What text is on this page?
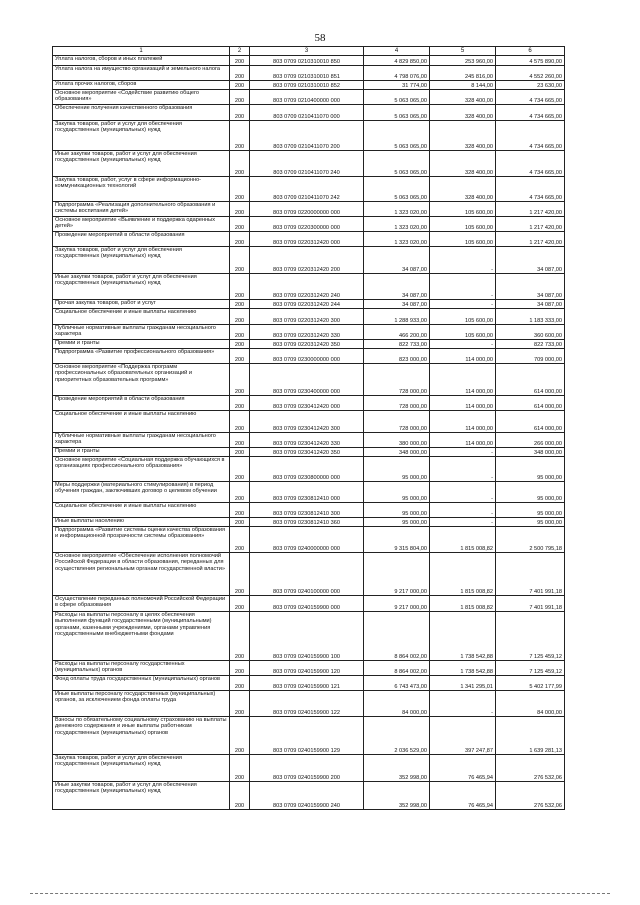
58
1	2	3	4	5	6
Уплата налогов, сборов и иных платежей	200	803 0709 0210310010 850	4 829 850,00	253 960,00	4 575 890,00
Уплата налога на имущество организаций и земельного налога	200	803 0709 0210310010 851	4 798 076,00	245 816,00	4 552 260,00
Уплата прочих налогов, сборов	200	803 0709 0210310010 852	31 774,00	8 144,00	23 630,00
Основное мероприятие «Содействие развитию общего образования»	200	803 0709 0210400000 000	5 063 065,00	328 400,00	4 734 665,00
Обеспечение получения качественного образования	200	803 0709 0210411070 000	5 063 065,00	328 400,00	4 734 665,00
Закупка товаров, работ и услуг для обеспечения государственных (муниципальных) нужд	200	803 0709 0210411070 200	5 063 065,00	328 400,00	4 734 665,00
Иные закупки товаров, работ и услуг для обеспечения государственных (муниципальных) нужд	200	803 0709 0210411070 240	5 063 065,00	328 400,00	4 734 665,00
Закупка товаров, работ, услуг в сфере информационно-коммуникационных технологий	200	803 0709 0210411070 242	5 063 065,00	328 400,00	4 734 665,00
Подпрограмма «Реализация дополнительного образования и системы воспитания детей»	200	803 0709 0220000000 000	1 323 020,00	105 600,00	1 217 420,00
Основное мероприятие «Выявление и поддержка одаренных детей»	200	803 0709 0220300000 000	1 323 020,00	105 600,00	1 217 420,00
Проведение мероприятий в области образования	200	803 0709 0220312420 000	1 323 020,00	105 600,00	1 217 420,00
Закупка товаров, работ и услуг для обеспечения государственных (муниципальных) нужд	200	803 0709 0220312420 200	34 087,00	-	34 087,00
Иные закупки товаров, работ и услуг для обеспечения государственных (муниципальных) нужд	200	803 0709 0220312420 240	34 087,00	-	34 087,00
Прочая закупка товаров, работ и услуг	200	803 0709 0220312420 244	34 087,00	-	34 087,00
Социальное обеспечение и иные выплаты населению	200	803 0709 0220312420 300	1 288 933,00	105 600,00	1 183 333,00
Публичные нормативные выплаты гражданам несоциального характера	200	803 0709 0220312420 330	466 200,00	105 600,00	360 600,00
Премии и гранты	200	803 0709 0220312420 350	822 733,00	-	822 733,00
Подпрограмма «Развитие профессионального образования»	200	803 0709 0230000000 000	823 000,00	114 000,00	709 000,00
Основное мероприятие «Поддержка программ профессиональных образовательных организаций и приоритетных образовательных программ»	200	803 0709 0230400000 000	728 000,00	114 000,00	614 000,00
Проведение мероприятий в области образования	200	803 0709 0230412420 000	728 000,00	114 000,00	614 000,00
Социальное обеспечение и иные выплаты населению	200	803 0709 0230412420 300	728 000,00	114 000,00	614 000,00
Публичные нормативные выплаты гражданам несоциального характера	200	803 0709 0230412420 330	380 000,00	114 000,00	266 000,00
Премии и гранты	200	803 0709 0230412420 350	348 000,00	-	348 000,00
Основное мероприятие «Социальная поддержка обучающихся в организациях профессионального образования»	200	803 0709 0230800000 000	95 000,00	-	95 000,00
Меры поддержки (материального стимулирования) в период обучения граждан, заключивших договор о целевом обучении	200	803 0709 0230812410 000	95 000,00	-	95 000,00
Социальное обеспечение и иные выплаты населению	200	803 0709 0230812410 300	95 000,00	-	95 000,00
Иные выплаты населению	200	803 0709 0230812410 360	95 000,00	-	95 000,00
Подпрограмма «Развитие системы оценки качества образования и информационной прозрачности системы образования»	200	803 0709 0240000000 000	9 315 804,00	1 815 008,82	2 500 795,18
Основное мероприятие «Обеспечение исполнения полномочий Российской Федерации в области образования, переданных для осуществления региональным органам государственной власти»	200	803 0709 0240100000 000	9 217 000,00	1 815 008,82	7 401 991,18
Осуществление переданных полномочий Российской Федерации в сфере образования	200	803 0709 0240159900 000	9 217 000,00	1 815 008,82	7 401 991,18
Расходы на выплаты персоналу в целях обеспечения выполнения функций государственными (муниципальными) органами, казенными учреждениями, органами управления государственными внебюджетными фондами	200	803 0709 0240159900 100	8 864 002,00	1 738 542,88	7 125 459,12
Расходы на выплаты персоналу государственных (муниципальных) органов	200	803 0709 0240159900 120	8 864 002,00	1 738 542,88	7 125 459,12
Фонд оплаты труда государственных (муниципальных) органов	200	803 0709 0240159900 121	6 743 473,00	1 341 295,01	5 402 177,99
Иные выплаты персоналу государственных (муниципальных) органов, за исключением фонда оплаты труда	200	803 0709 0240159900 122	84 000,00	-	84 000,00
Взносы по обязательному социальному страхованию на выплаты денежного содержания и иные выплаты работникам государственных (муниципальных) органов	200	803 0709 0240159900 129	2 036 529,00	397 247,87	1 639 281,13
Закупка товаров, работ и услуг для обеспечения государственных (муниципальных) нужд	200	803 0709 0240159900 200	352 998,00	76 465,94	276 532,06
Иные закупки товаров, работ и услуг для обеспечения государственных (муниципальных) нужд	200	803 0709 0240159900 240	352 998,00	76 465,94	276 532,06
